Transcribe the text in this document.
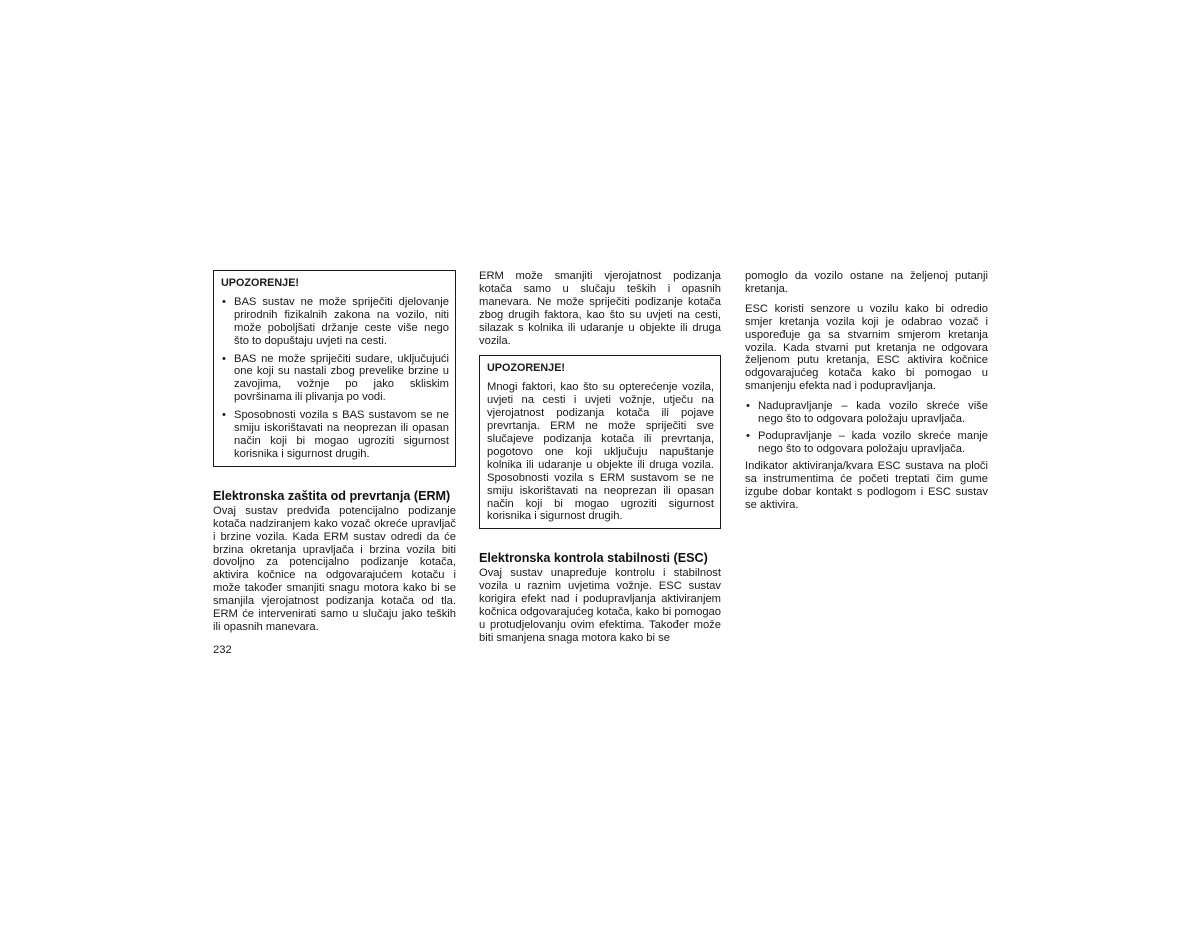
UPOZORENJE!
• BAS sustav ne može spriječiti djelovanje prirodnih fizikalnih zakona na vozilo, niti može poboljšati držanje ceste više nego što to dopuštaju uvjeti na cesti.
• BAS ne može spriječiti sudare, uključujući one koji su nastali zbog prevelike brzine u zavojima, vožnje po jako skliskim površinama ili plivanja po vodi.
• Sposobnosti vozila s BAS sustavom se ne smiju iskorištavati na neoprezan ili opasan način koji bi mogao ugroziti sigurnost korisnika i sigurnost drugih.
Elektronska zaštita od prevrtanja (ERM)

Ovaj sustav predviđa potencijalno podizanje kotača nadziranjem kako vozač okreće upravljač i brzine vozila. Kada ERM sustav odredi da će brzina okretanja upravljača i brzina vozila biti dovoljno za potencijalno podizanje kotača, aktivira kočnice na odgovarajućem kotaču i može također smanjiti snagu motora kako bi se smanjila vjerojatnost podizanja kotača od tla. ERM će intervenirati samo u slučaju jako teških ili opasnih manevara.

ERM može smanjiti vjerojatnost podizanja kotača samo u slučaju teških i opasnih manevara. Ne može spriječiti podizanje kotača zbog drugih faktora, kao što su uvjeti na cesti, silazak s kolnika ili udaranje u objekte ili druga vozila.

UPOZORENJE!

Mnogi faktori, kao što su opterećenje vozila, uvjeti na cesti i uvjeti vožnje, utječu na vjerojatnost podizanja kotača ili pojave prevrtanja. ERM ne može spriječiti sve slučajeve podizanja kotača ili prevrtanja, pogotovo one koji uključuju napuštanje kolnika ili udaranje u objekte ili druga vozila. Sposobnosti vozila s ERM sustavom se ne smiju iskorištavati na neoprezan ili opasan način koji bi mogao ugroziti sigurnost korisnika i sigurnost drugih.

Elektronska kontrola stabilnosti (ESC)

Ovaj sustav unapređuje kontrolu i stabilnost vozila u raznim uvjetima vožnje. ESC sustav korigira efekt nad i podupravljanja aktiviranjem kočnica odgovarajućeg kotača, kako bi pomogao u protudjelovanju ovim efektima. Također može biti smanjena snaga motora kako bi se

pomoglo da vozilo ostane na željenoj putanji kretanja.

ESC koristi senzore u vozilu kako bi odredio smjer kretanja vozila koji je odabrao vozač i uspoređuje ga sa stvarnim smjerom kretanja vozila. Kada stvarni put kretanja ne odgovara željenom putu kretanja, ESC aktivira kočnice odgovarajućeg kotača kako bi pomogao u smanjenju efekta nad i podupravljanja.

• Nadupravljanje – kada vozilo skreće više nego što to odgovara položaju upravljača.
• Podupravljanje – kada vozilo skreće manje nego što to odgovara položaju upravljača.

Indikator aktiviranja/kvara ESC sustava na ploči sa instrumentima će početi treptati čim gume izgube dobar kontakt s podlogom i ESC sustav se aktivira.

232
